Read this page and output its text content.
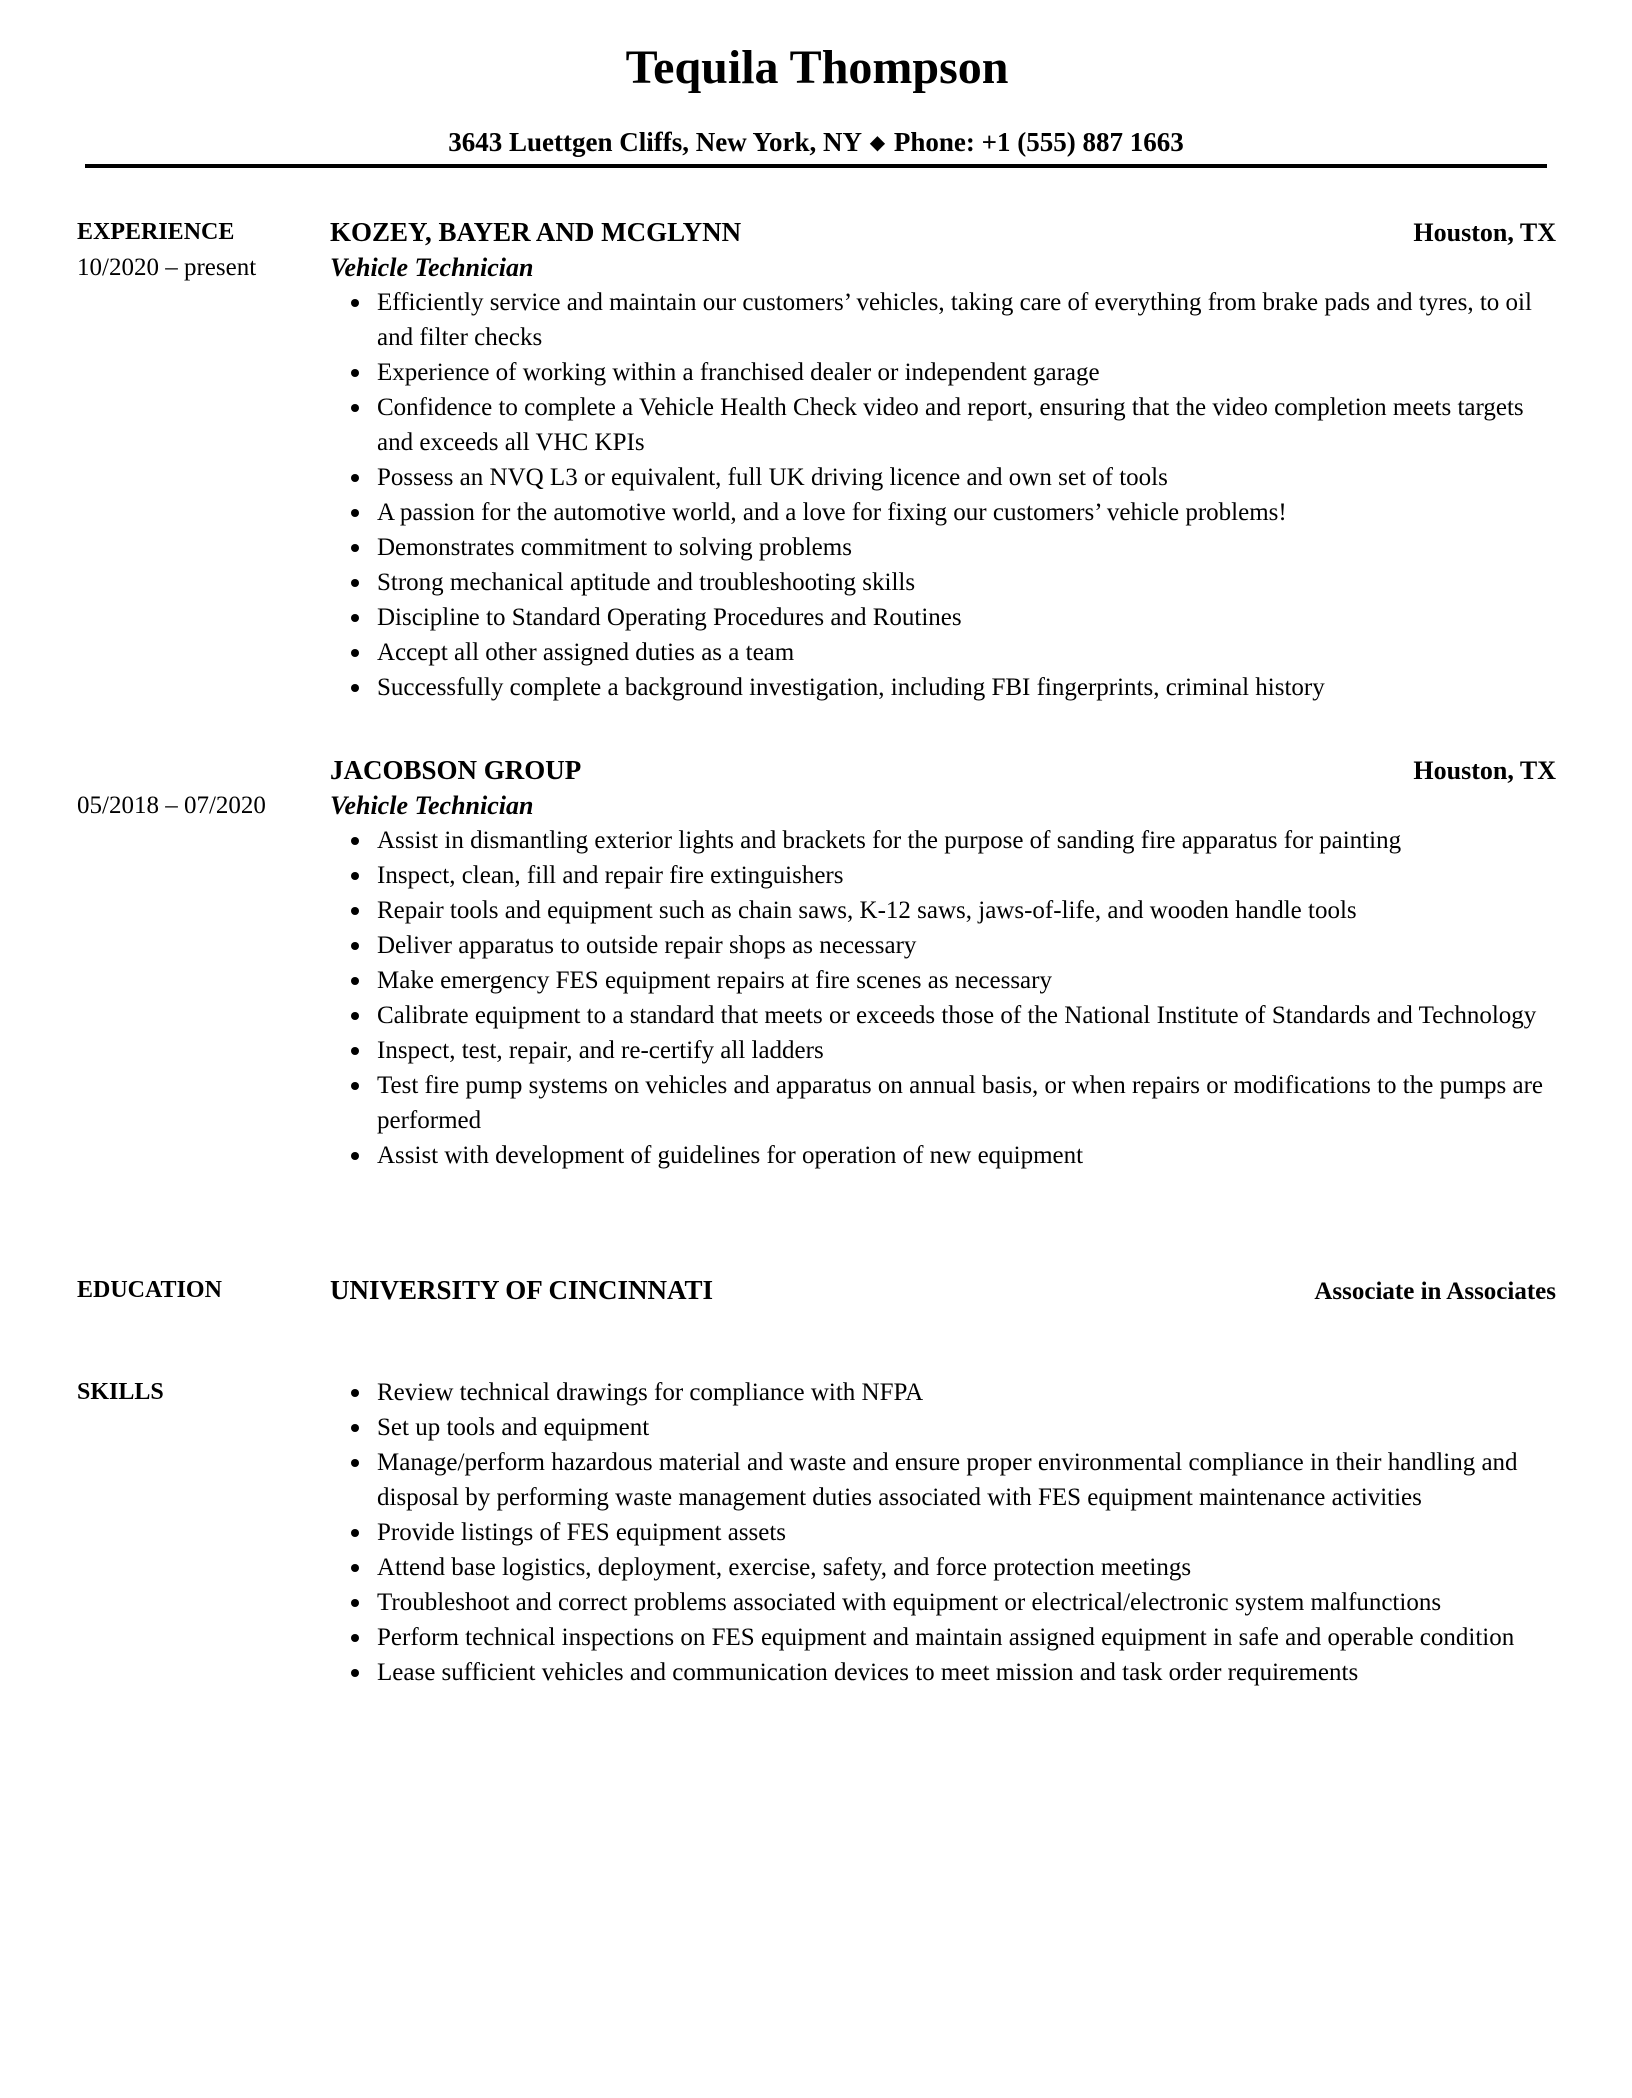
Tequila Thompson
3643 Luettgen Cliffs, New York, NY ◆ Phone: +1 (555) 887 1663
EXPERIENCE
10/2020 – present
KOZEY, BAYER AND MCGLYNN	Houston, TX
Vehicle Technician
Efficiently service and maintain our customers’ vehicles, taking care of everything from brake pads and tyres, to oil and filter checks
Experience of working within a franchised dealer or independent garage
Confidence to complete a Vehicle Health Check video and report, ensuring that the video completion meets targets and exceeds all VHC KPIs
Possess an NVQ L3 or equivalent, full UK driving licence and own set of tools
A passion for the automotive world, and a love for fixing our customers’ vehicle problems!
Demonstrates commitment to solving problems
Strong mechanical aptitude and troubleshooting skills
Discipline to Standard Operating Procedures and Routines
Accept all other assigned duties as a team
Successfully complete a background investigation, including FBI fingerprints, criminal history
05/2018 – 07/2020
JACOBSON GROUP	Houston, TX
Vehicle Technician
Assist in dismantling exterior lights and brackets for the purpose of sanding fire apparatus for painting
Inspect, clean, fill and repair fire extinguishers
Repair tools and equipment such as chain saws, K-12 saws, jaws-of-life, and wooden handle tools
Deliver apparatus to outside repair shops as necessary
Make emergency FES equipment repairs at fire scenes as necessary
Calibrate equipment to a standard that meets or exceeds those of the National Institute of Standards and Technology
Inspect, test, repair, and re-certify all ladders
Test fire pump systems on vehicles and apparatus on annual basis, or when repairs or modifications to the pumps are performed
Assist with development of guidelines for operation of new equipment
EDUCATION	UNIVERSITY OF CINCINNATI	Associate in Associates
SKILLS	Review technical drawings for compliance with NFPA
Set up tools and equipment
Manage/perform hazardous material and waste and ensure proper environmental compliance in their handling and disposal by performing waste management duties associated with FES equipment maintenance activities
Provide listings of FES equipment assets
Attend base logistics, deployment, exercise, safety, and force protection meetings
Troubleshoot and correct problems associated with equipment or electrical/electronic system malfunctions
Perform technical inspections on FES equipment and maintain assigned equipment in safe and operable condition
Lease sufficient vehicles and communication devices to meet mission and task order requirements
